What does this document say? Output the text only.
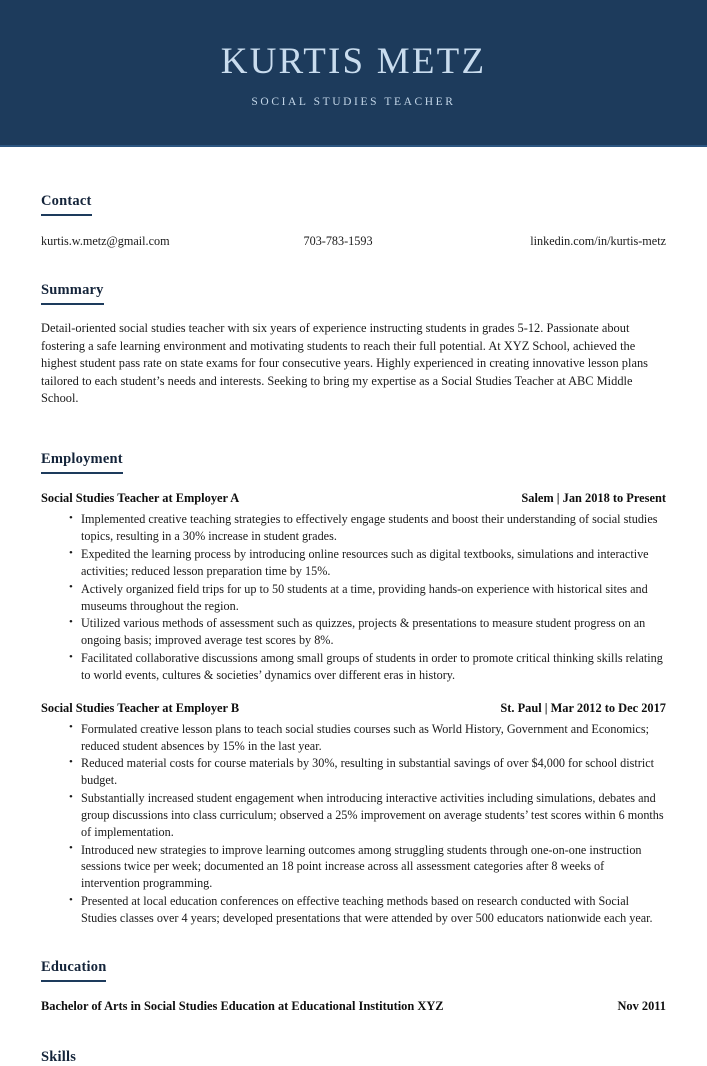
KURTIS METZ
SOCIAL STUDIES TEACHER
Contact
kurtis.w.metz@gmail.com	703-783-1593	linkedin.com/in/kurtis-metz
Summary

Detail-oriented social studies teacher with six years of experience instructing students in grades 5-12. Passionate about fostering a safe learning environment and motivating students to reach their full potential. At XYZ School, achieved the highest student pass rate on state exams for four consecutive years. Highly experienced in creating innovative lesson plans tailored to each student’s needs and interests. Seeking to bring my expertise as a Social Studies Teacher at ABC Middle School.

Employment
Social Studies Teacher at Employer A	Salem | Jan 2018 to Present
• Implemented creative teaching strategies to effectively engage students and boost their understanding of social studies topics, resulting in a 30% increase in student grades.
• Expedited the learning process by introducing online resources such as digital textbooks, simulations and interactive activities; reduced lesson preparation time by 15%.
• Actively organized field trips for up to 50 students at a time, providing hands-on experience with historical sites and museums throughout the region.
• Utilized various methods of assessment such as quizzes, projects & presentations to measure student progress on an ongoing basis; improved average test scores by 8%.
• Facilitated collaborative discussions among small groups of students in order to promote critical thinking skills relating to world events, cultures & societies’ dynamics over different eras in history.
Social Studies Teacher at Employer B	St. Paul | Mar 2012 to Dec 2017
• Formulated creative lesson plans to teach social studies courses such as World History, Government and Economics; reduced student absences by 15% in the last year.
• Reduced material costs for course materials by 30%, resulting in substantial savings of over $4,000 for school district budget.
• Substantially increased student engagement when introducing interactive activities including simulations, debates and group discussions into class curriculum; observed a 25% improvement on average students’ test scores within 6 months of implementation.
• Introduced new strategies to improve learning outcomes among struggling students through one-on-one instruction sessions twice per week; documented an 18 point increase across all assessment categories after 8 weeks of intervention programming.
• Presented at local education conferences on effective teaching methods based on research conducted with Social Studies classes over 4 years; developed presentations that were attended by over 500 educators nationwide each year.
Education
Bachelor of Arts in Social Studies Education at Educational Institution XYZ	Nov 2011
Skills
